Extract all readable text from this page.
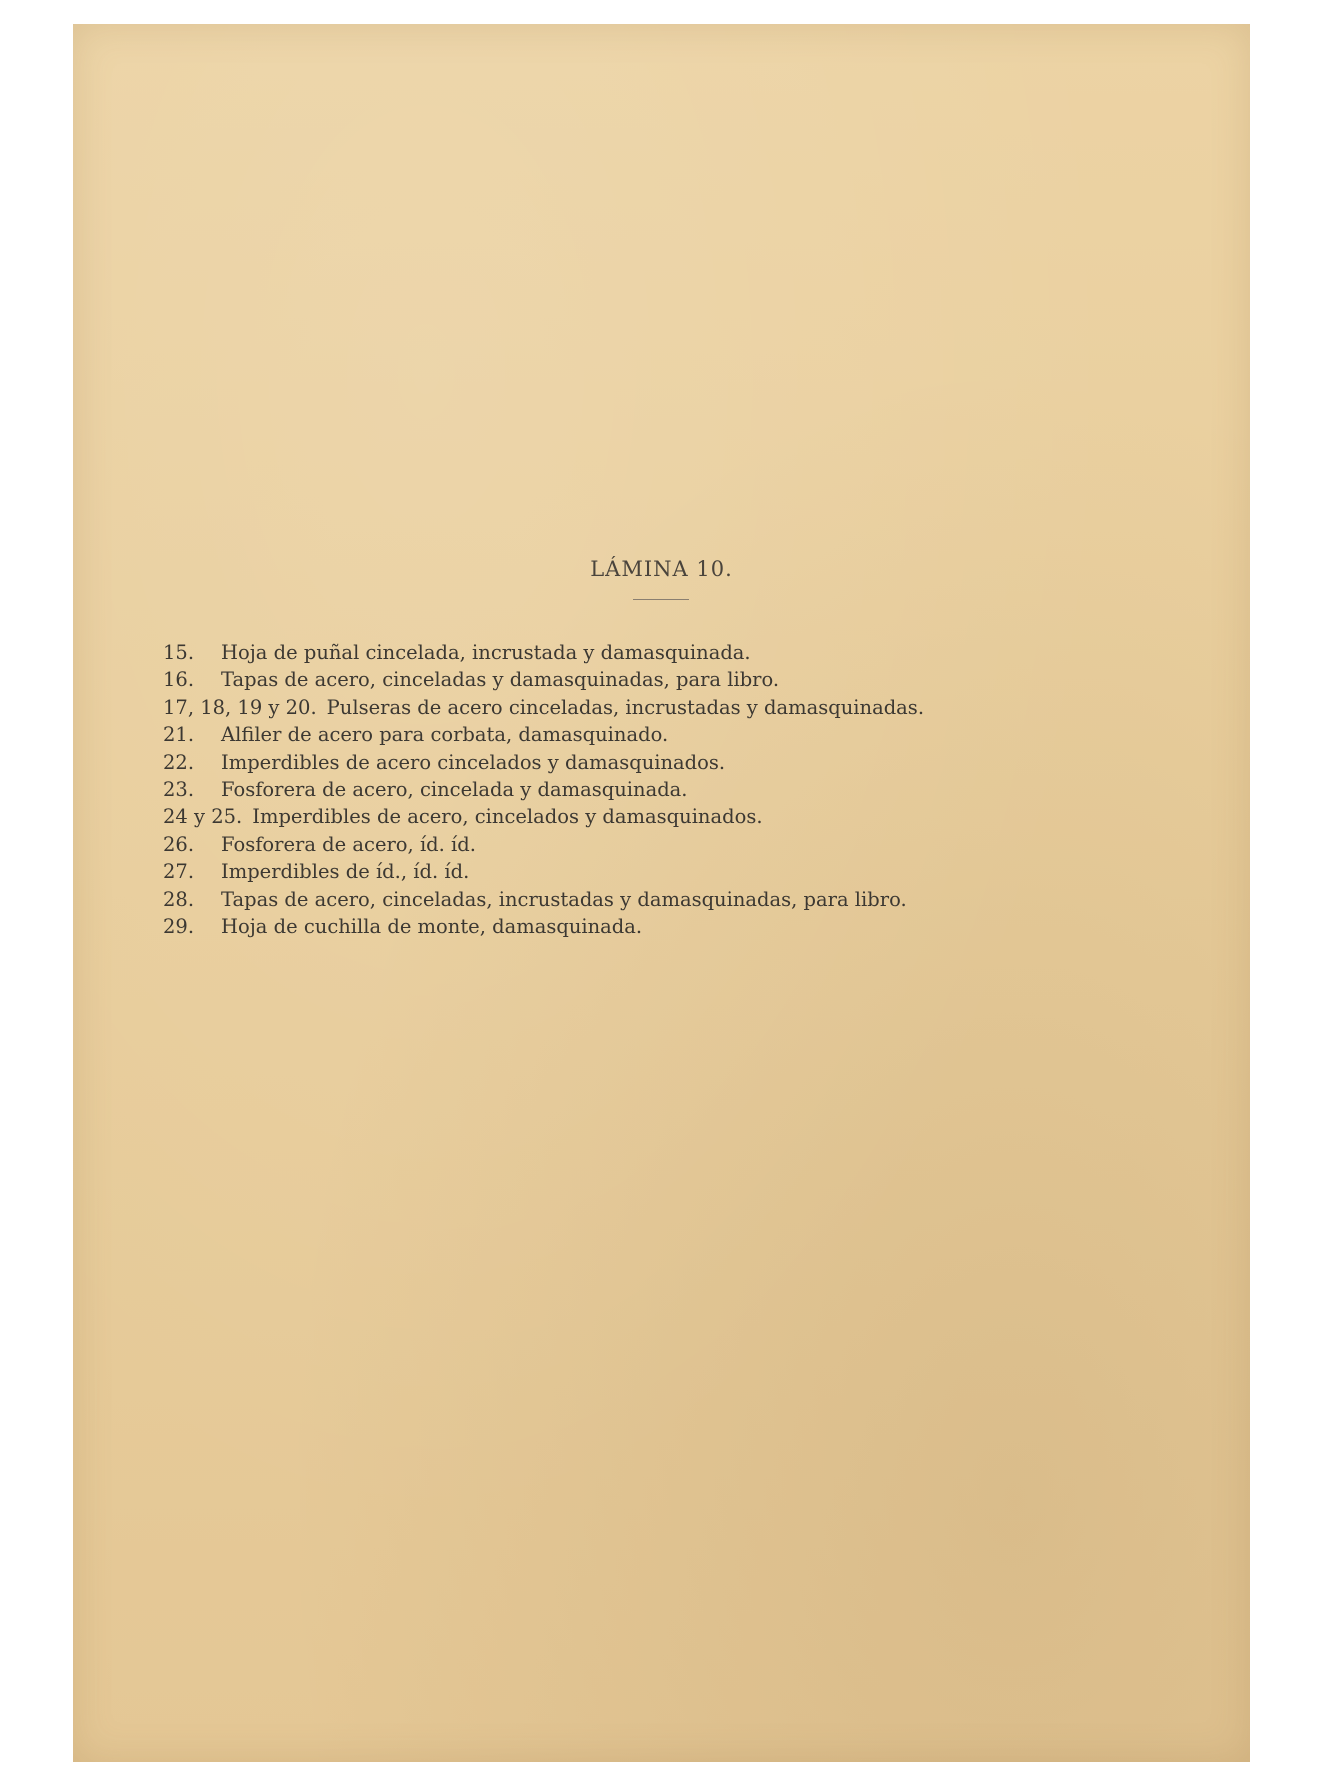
LÁMINA 10.
15. Hoja de puñal cincelada, incrustada y damasquinada.
16. Tapas de acero, cinceladas y damasquinadas, para libro.
17, 18, 19 y 20. Pulseras de acero cinceladas, incrustadas y damasquinadas.
21. Alfiler de acero para corbata, damasquinado.
22. Imperdibles de acero cincelados y damasquinados.
23. Fosforera de acero, cincelada y damasquinada.
24 y 25. Imperdibles de acero, cincelados y damasquinados.
26. Fosforera de acero, íd. íd.
27. Imperdibles de íd., íd. íd.
28. Tapas de acero, cinceladas, incrustadas y damasquinadas, para libro.
29. Hoja de cuchilla de monte, damasquinada.
